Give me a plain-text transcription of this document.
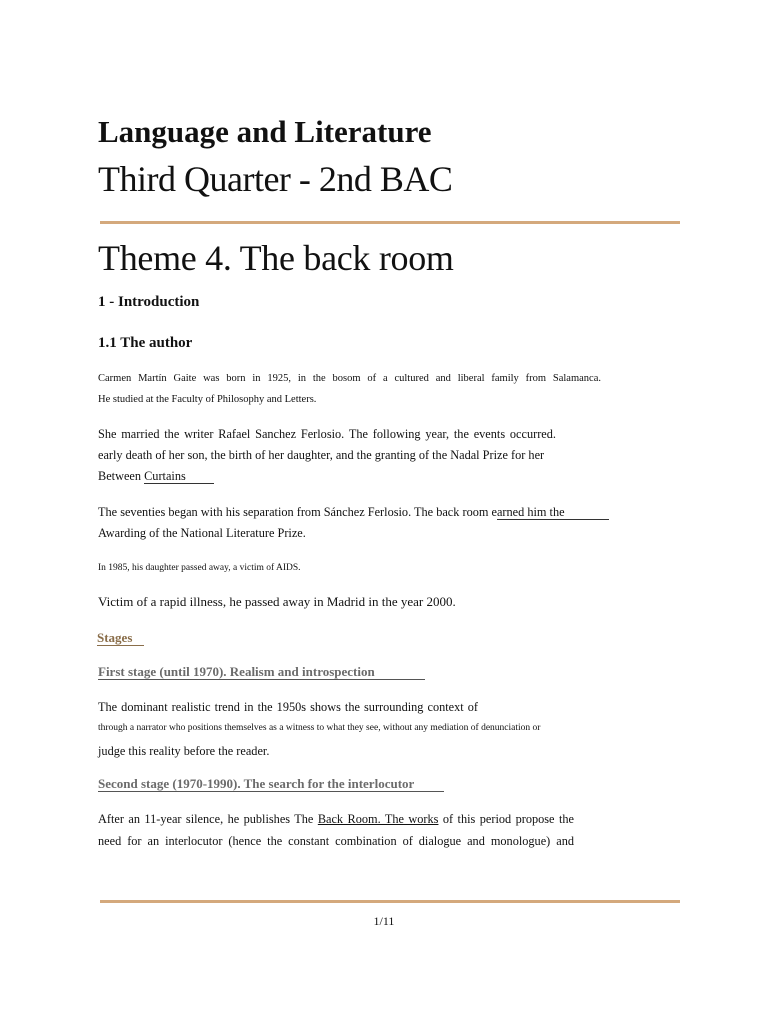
Language and Literature
Third Quarter - 2nd BAC
Theme 4. The back room
1 - Introduction
1.1 The author
Carmen Martín Gaite was born in 1925, in the bosom of a cultured and liberal family from Salamanca.
He studied at the Faculty of Philosophy and Letters.
She married the writer Rafael Sanchez Ferlosio. The following year, the events occurred.
early death of her son, the birth of her daughter, and the granting of the Nadal Prize for her
Between Curtains
The seventies began with his separation from Sánchez Ferlosio. The back room earned him the
Awarding of the National Literature Prize.
In 1985, his daughter passed away, a victim of AIDS.
Victim of a rapid illness, he passed away in Madrid in the year 2000.
Stages
First stage (until 1970). Realism and introspection
The dominant realistic trend in the 1950s shows the surrounding context of
through a narrator who positions themselves as a witness to what they see, without any mediation of denunciation or
judge this reality before the reader.
Second stage (1970-1990). The search for the interlocutor
After an 11-year silence, he publishes The Back Room. The works of this period propose the
need for an interlocutor (hence the constant combination of dialogue and monologue) and
1/11
